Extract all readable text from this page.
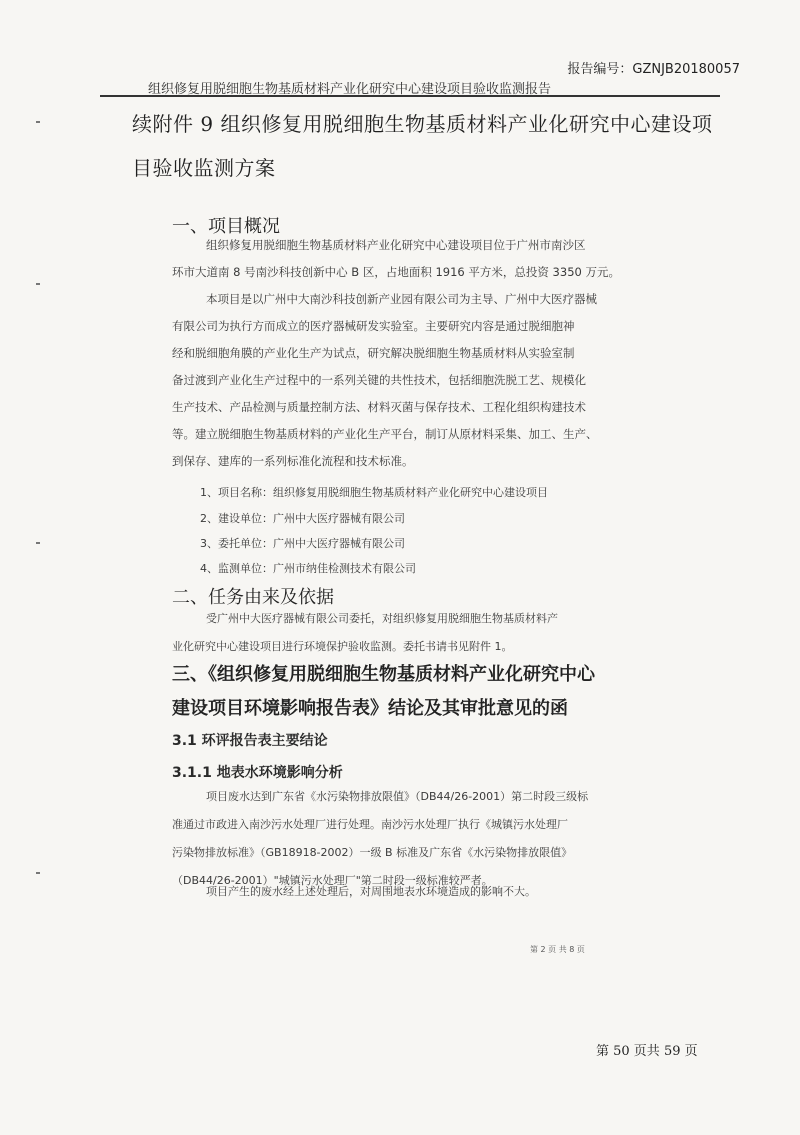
报告编号：GZNJB20180057
组织修复用脱细胞生物基质材料产业化研究中心建设项目验收监测报告
续附件 9 组织修复用脱细胞生物基质材料产业化研究中心建设项
目验收监测方案
一、项目概况
组织修复用脱细胞生物基质材料产业化研究中心建设项目位于广州市南沙区
环市大道南 8 号南沙科技创新中心 B 区，占地面积 1916 平方米，总投资 3350 万元。
本项目是以广州中大南沙科技创新产业园有限公司为主导、广州中大医疗器械
有限公司为执行方而成立的医疗器械研发实验室。主要研究内容是通过脱细胞神
经和脱细胞角膜的产业化生产为试点，研究解决脱细胞生物基质材料从实验室制
备过渡到产业化生产过程中的一系列关键的共性技术，包括细胞洗脱工艺、规模化
生产技术、产品检测与质量控制方法、材料灭菌与保存技术、工程化组织构建技术
等。建立脱细胞生物基质材料的产业化生产平台，制订从原材料采集、加工、生产、
到保存、建库的一系列标准化流程和技术标准。
1、项目名称：组织修复用脱细胞生物基质材料产业化研究中心建设项目
2、建设单位：广州中大医疗器械有限公司
3、委托单位：广州中大医疗器械有限公司
4、监测单位：广州市纳佳检测技术有限公司
二、任务由来及依据
受广州中大医疗器械有限公司委托，对组织修复用脱细胞生物基质材料产
业化研究中心建设项目进行环境保护验收监测。委托书请书见附件 1。
三、《组织修复用脱细胞生物基质材料产业化研究中心
建设项目环境影响报告表》结论及其审批意见的函
3.1 环评报告表主要结论
3.1.1 地表水环境影响分析
项目废水达到广东省《水污染物排放限值》（DB44/26-2001）第二时段三级标
准通过市政进入南沙污水处理厂进行处理。南沙污水处理厂执行《城镇污水处理厂
污染物排放标准》（GB18918-2002）一级 B 标准及广东省《水污染物排放限值》
（DB44/26-2001）"城镇污水处理厂"第二时段一级标准较严者。
项目产生的废水经上述处理后，对周围地表水环境造成的影响不大。
第 2 页 共 8 页
第 50 页共 59 页
